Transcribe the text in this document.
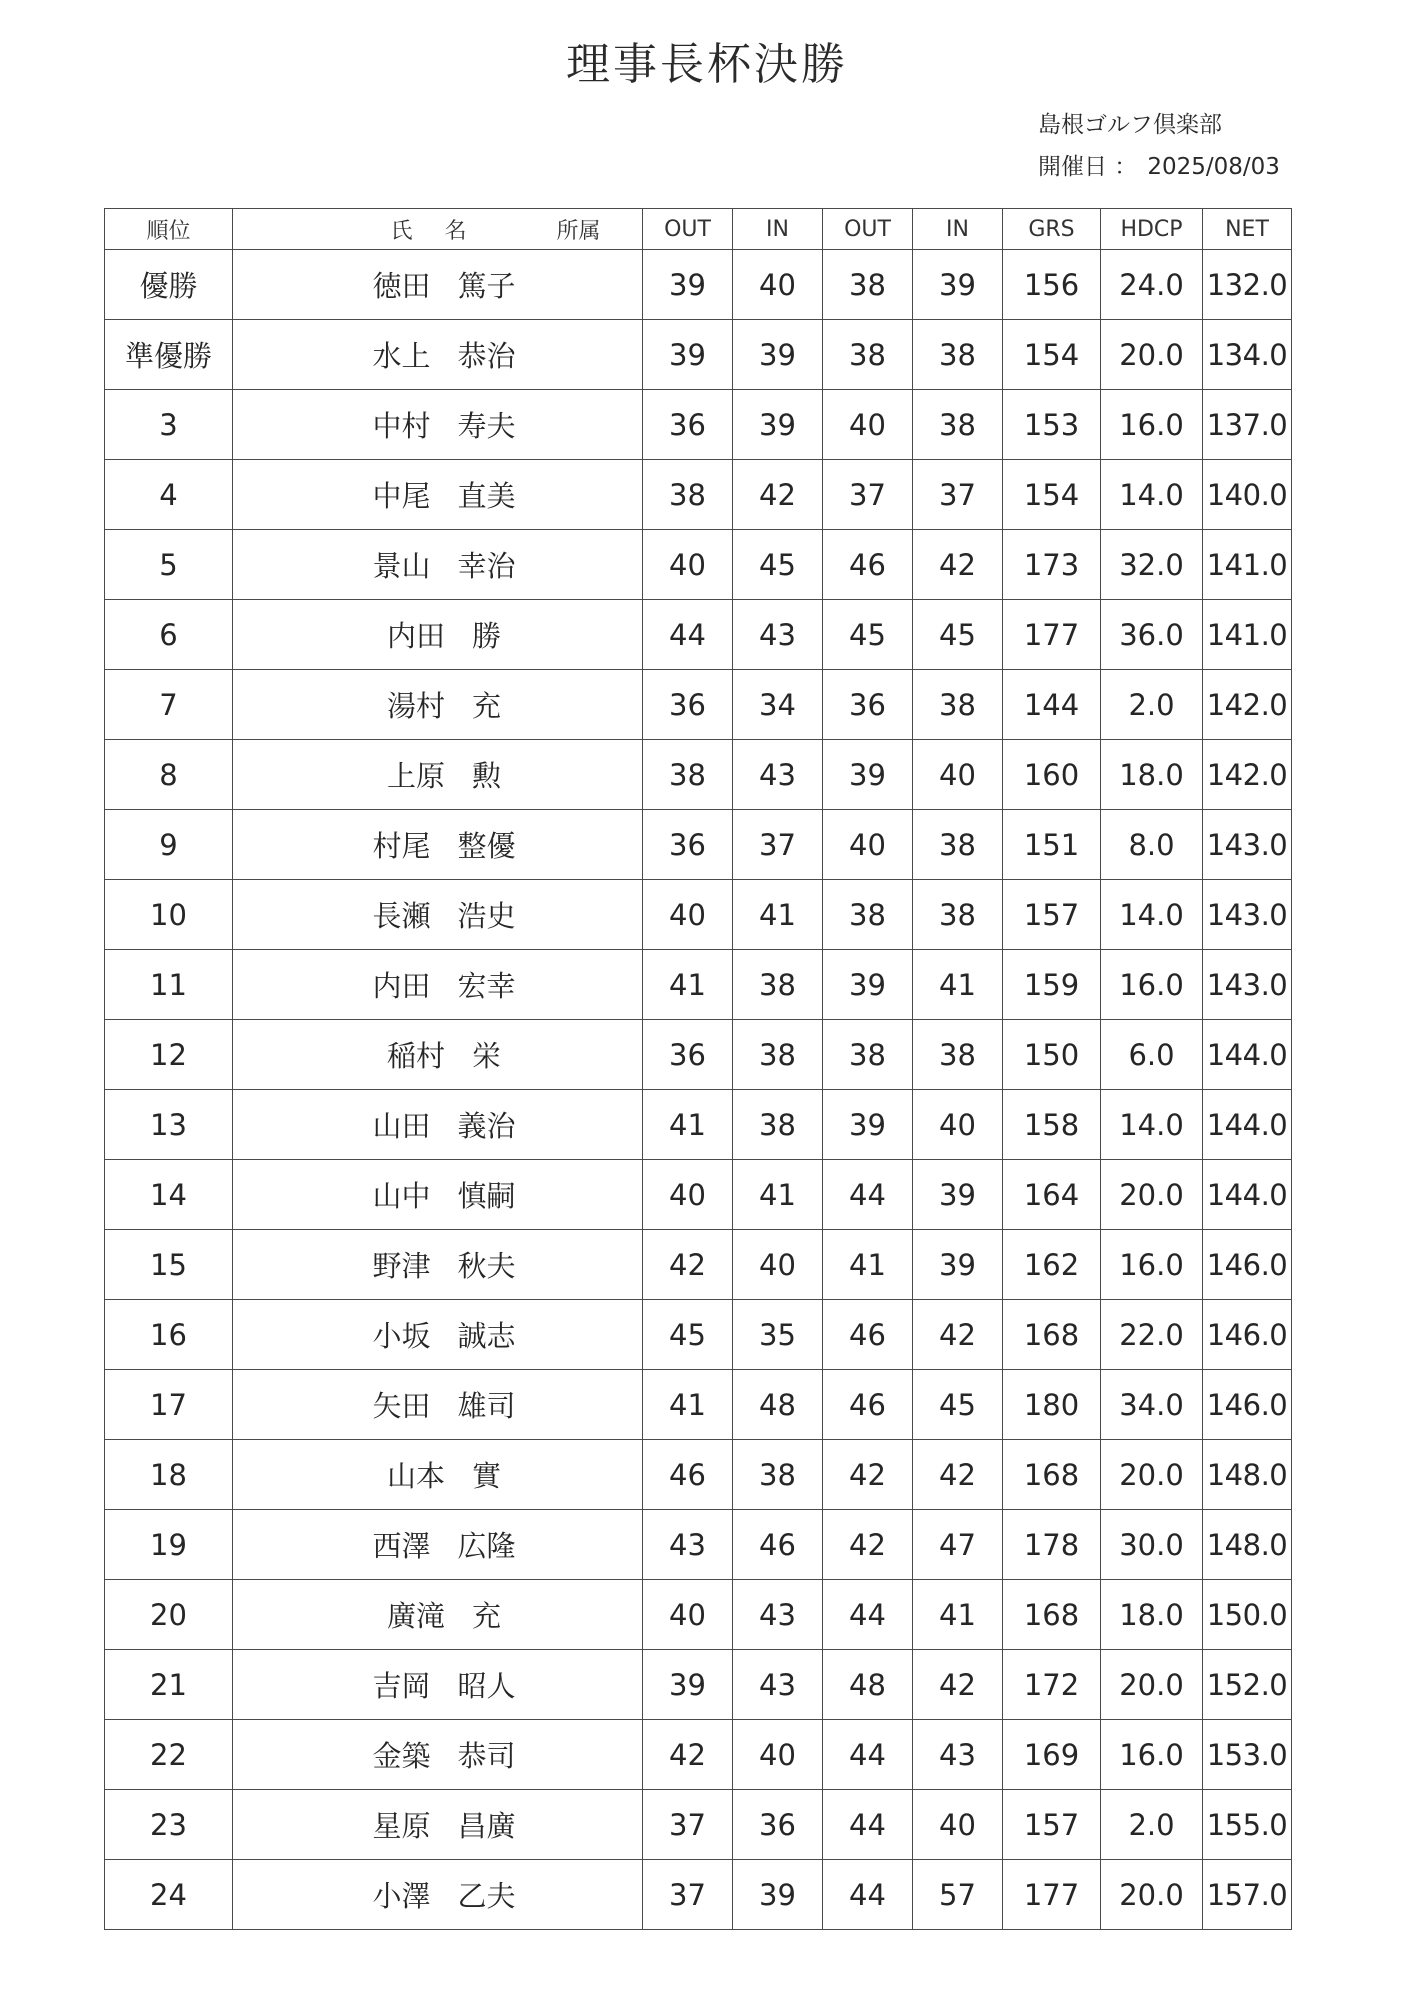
理事長杯決勝
島根ゴルフ倶楽部
開催日 ： 2025/08/03
順位	氏 名 所属	OUT	IN	OUT	IN	GRS	HDCP	NET
優勝	徳田 篤子	39	40	38	39	156	24.0	132.0
準優勝	水上 恭治	39	39	38	38	154	20.0	134.0
3	中村 寿夫	36	39	40	38	153	16.0	137.0
4	中尾 直美	38	42	37	37	154	14.0	140.0
5	景山 幸治	40	45	46	42	173	32.0	141.0
6	内田 勝	44	43	45	45	177	36.0	141.0
7	湯村 充	36	34	36	38	144	2.0	142.0
8	上原 勲	38	43	39	40	160	18.0	142.0
9	村尾 整優	36	37	40	38	151	8.0	143.0
10	長瀬 浩史	40	41	38	38	157	14.0	143.0
11	内田 宏幸	41	38	39	41	159	16.0	143.0
12	稲村 栄	36	38	38	38	150	6.0	144.0
13	山田 義治	41	38	39	40	158	14.0	144.0
14	山中 慎嗣	40	41	44	39	164	20.0	144.0
15	野津 秋夫	42	40	41	39	162	16.0	146.0
16	小坂 誠志	45	35	46	42	168	22.0	146.0
17	矢田 雄司	41	48	46	45	180	34.0	146.0
18	山本 實	46	38	42	42	168	20.0	148.0
19	西澤 広隆	43	46	42	47	178	30.0	148.0
20	廣滝 充	40	43	44	41	168	18.0	150.0
21	吉岡 昭人	39	43	48	42	172	20.0	152.0
22	金築 恭司	42	40	44	43	169	16.0	153.0
23	星原 昌廣	37	36	44	40	157	2.0	155.0
24	小澤 乙夫	37	39	44	57	177	20.0	157.0
